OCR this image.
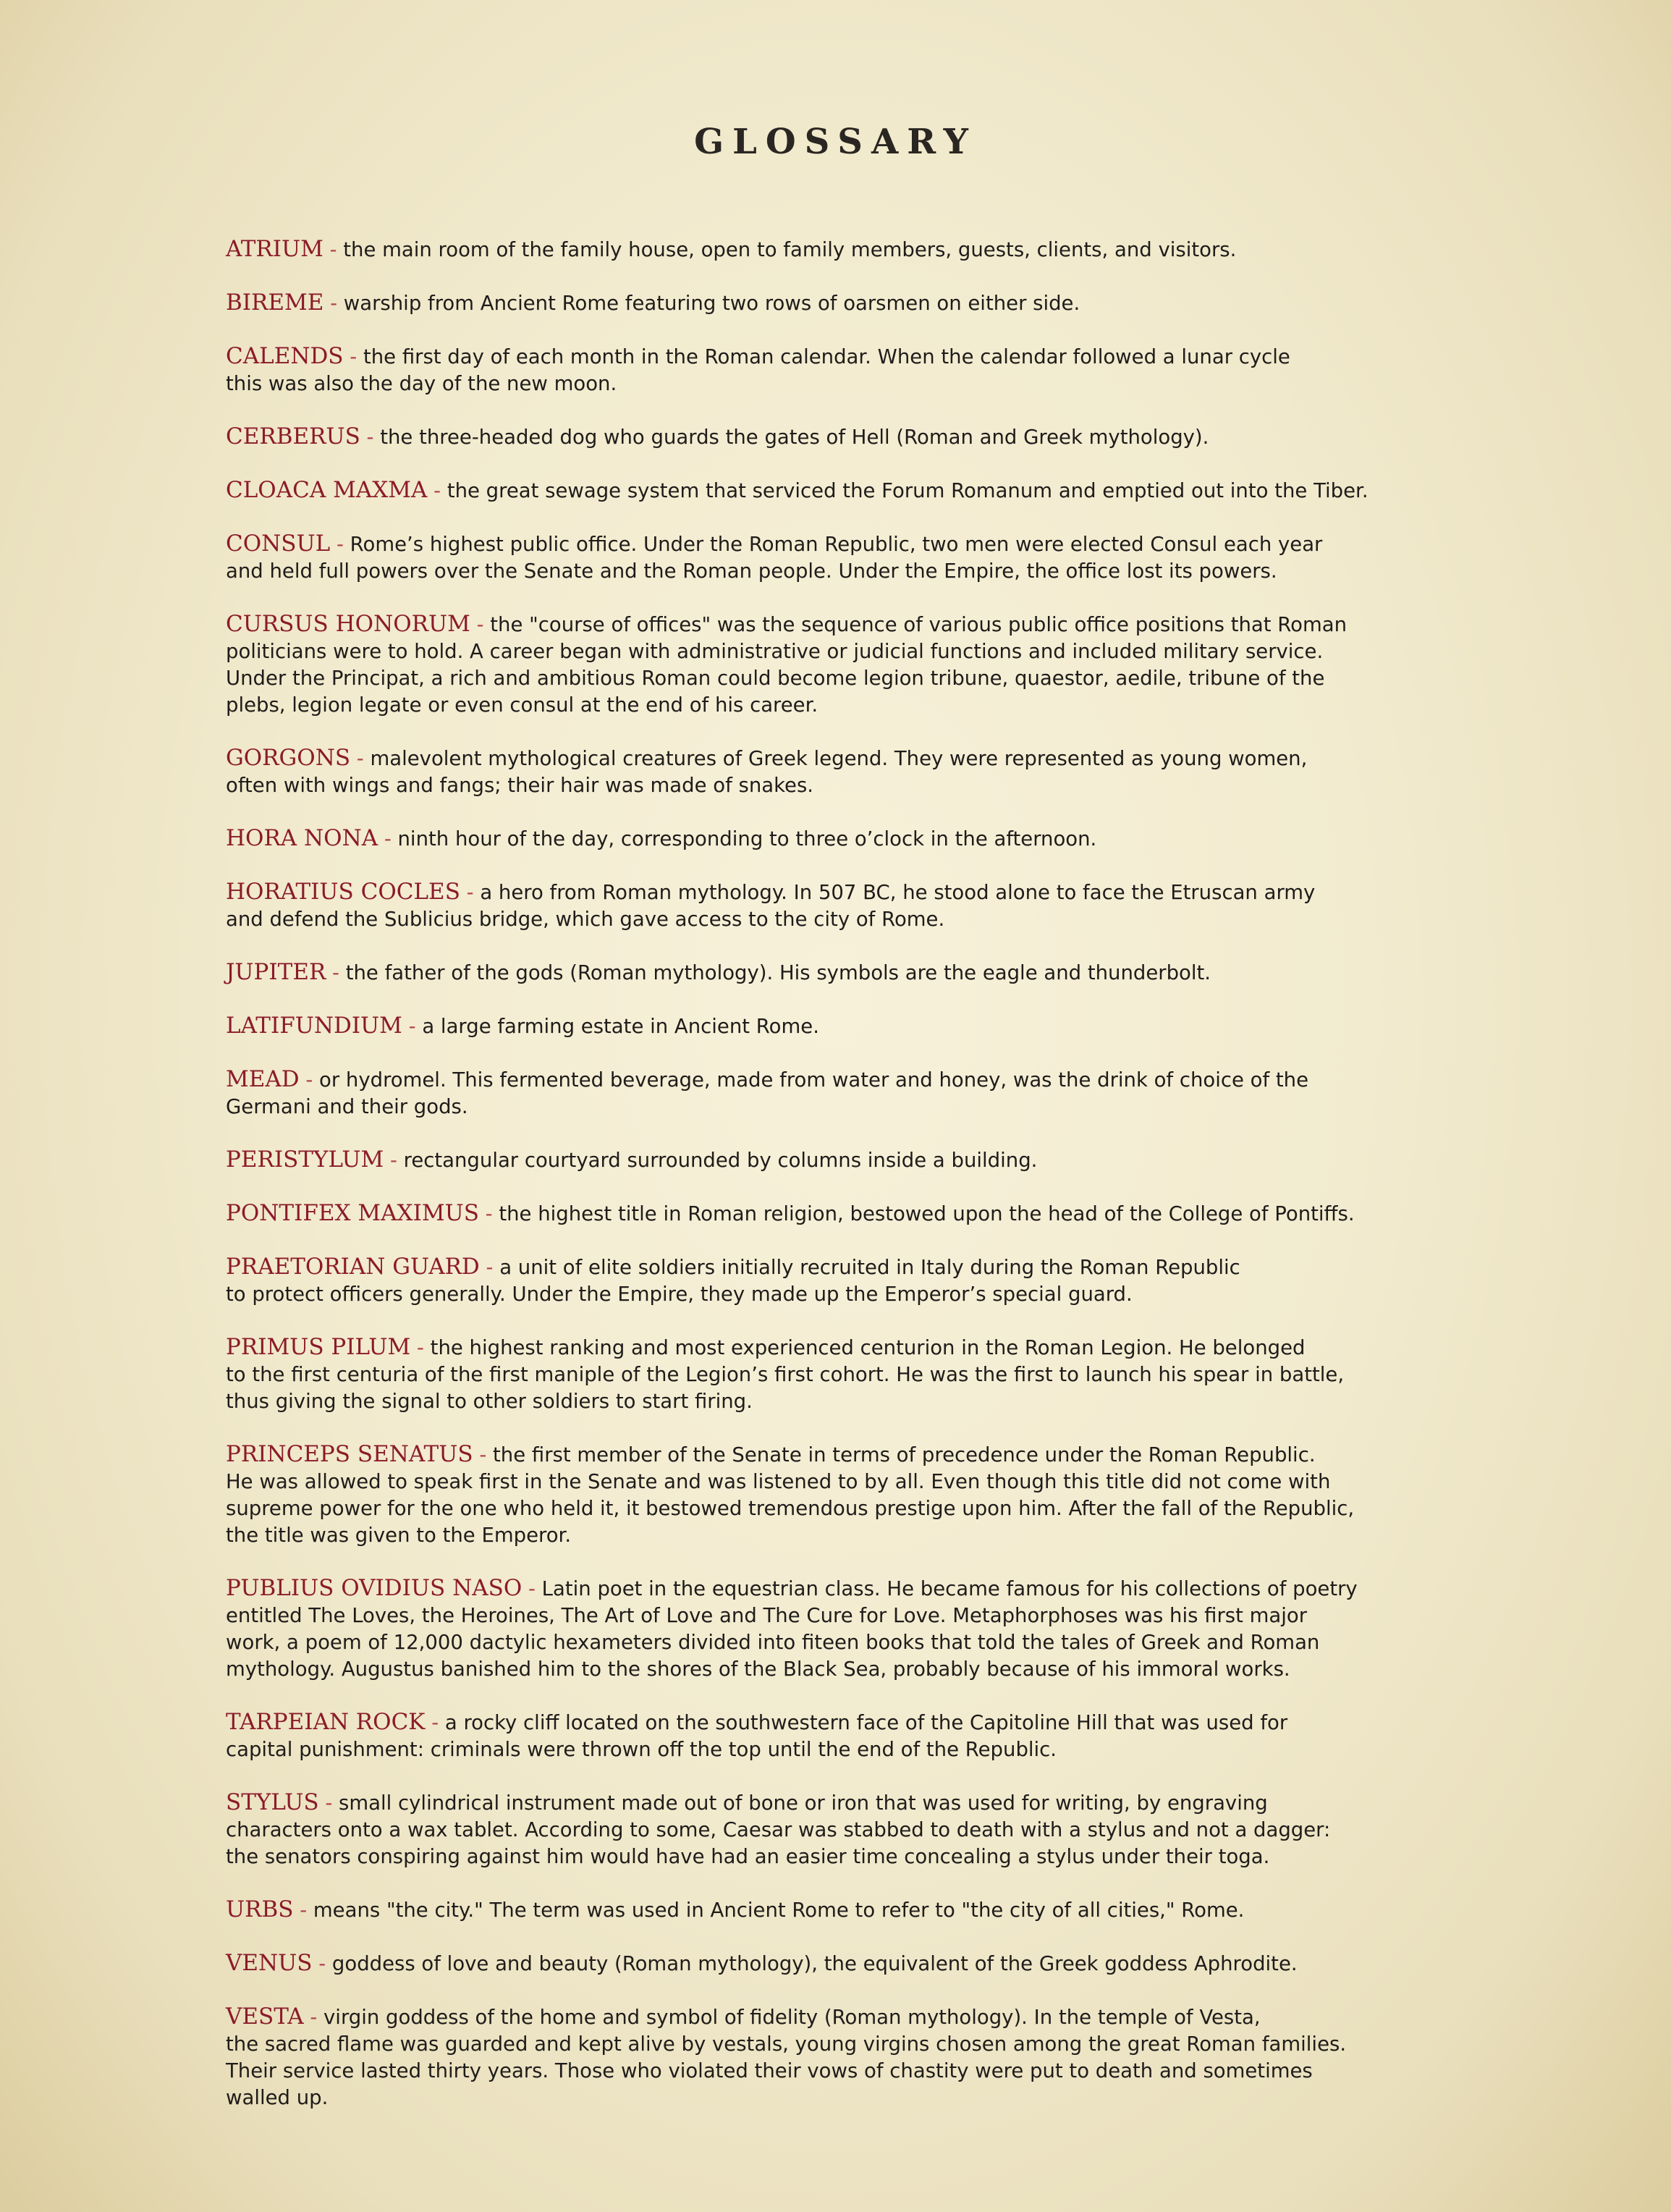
GLOSSARY
ATRIUM - the main room of the family house, open to family members, guests, clients, and visitors.
BIREME - warship from Ancient Rome featuring two rows of oarsmen on either side.
CALENDS - the first day of each month in the Roman calendar. When the calendar followed a lunar cycle
this was also the day of the new moon.
CERBERUS - the three-headed dog who guards the gates of Hell (Roman and Greek mythology).
CLOACA MAXMA - the great sewage system that serviced the Forum Romanum and emptied out into the Tiber.
CONSUL - Rome’s highest public office. Under the Roman Republic, two men were elected Consul each year
and held full powers over the Senate and the Roman people. Under the Empire, the office lost its powers.
CURSUS HONORUM - the "course of offices" was the sequence of various public office positions that Roman
politicians were to hold. A career began with administrative or judicial functions and included military service.
Under the Principat, a rich and ambitious Roman could become legion tribune, quaestor, aedile, tribune of the
plebs, legion legate or even consul at the end of his career.
GORGONS - malevolent mythological creatures of Greek legend. They were represented as young women,
often with wings and fangs; their hair was made of snakes.
HORA NONA - ninth hour of the day, corresponding to three o’clock in the afternoon.
HORATIUS COCLES - a hero from Roman mythology. In 507 BC, he stood alone to face the Etruscan army
and defend the Sublicius bridge, which gave access to the city of Rome.
JUPITER - the father of the gods (Roman mythology). His symbols are the eagle and thunderbolt.
LATIFUNDIUM - a large farming estate in Ancient Rome.
MEAD - or hydromel. This fermented beverage, made from water and honey, was the drink of choice of the
Germani and their gods.
PERISTYLUM - rectangular courtyard surrounded by columns inside a building.
PONTIFEX MAXIMUS - the highest title in Roman religion, bestowed upon the head of the College of Pontiffs.
PRAETORIAN GUARD - a unit of elite soldiers initially recruited in Italy during the Roman Republic
to protect officers generally. Under the Empire, they made up the Emperor’s special guard.
PRIMUS PILUM - the highest ranking and most experienced centurion in the Roman Legion. He belonged
to the first centuria of the first maniple of the Legion’s first cohort. He was the first to launch his spear in battle,
thus giving the signal to other soldiers to start firing.
PRINCEPS SENATUS - the first member of the Senate in terms of precedence under the Roman Republic.
He was allowed to speak first in the Senate and was listened to by all. Even though this title did not come with
supreme power for the one who held it, it bestowed tremendous prestige upon him. After the fall of the Republic,
the title was given to the Emperor.
PUBLIUS OVIDIUS NASO - Latin poet in the equestrian class. He became famous for his collections of poetry
entitled The Loves, the Heroines, The Art of Love and The Cure for Love. Metaphorphoses was his first major
work, a poem of 12,000 dactylic hexameters divided into fiteen books that told the tales of Greek and Roman
mythology. Augustus banished him to the shores of the Black Sea, probably because of his immoral works.
TARPEIAN ROCK - a rocky cliff located on the southwestern face of the Capitoline Hill that was used for
capital punishment: criminals were thrown off the top until the end of the Republic.
STYLUS - small cylindrical instrument made out of bone or iron that was used for writing, by engraving
characters onto a wax tablet. According to some, Caesar was stabbed to death with a stylus and not a dagger:
the senators conspiring against him would have had an easier time concealing a stylus under their toga.
URBS - means "the city." The term was used in Ancient Rome to refer to "the city of all cities," Rome.
VENUS - goddess of love and beauty (Roman mythology), the equivalent of the Greek goddess Aphrodite.
VESTA - virgin goddess of the home and symbol of fidelity (Roman mythology). In the temple of Vesta,
the sacred flame was guarded and kept alive by vestals, young virgins chosen among the great Roman families.
Their service lasted thirty years. Those who violated their vows of chastity were put to death and sometimes
walled up.
